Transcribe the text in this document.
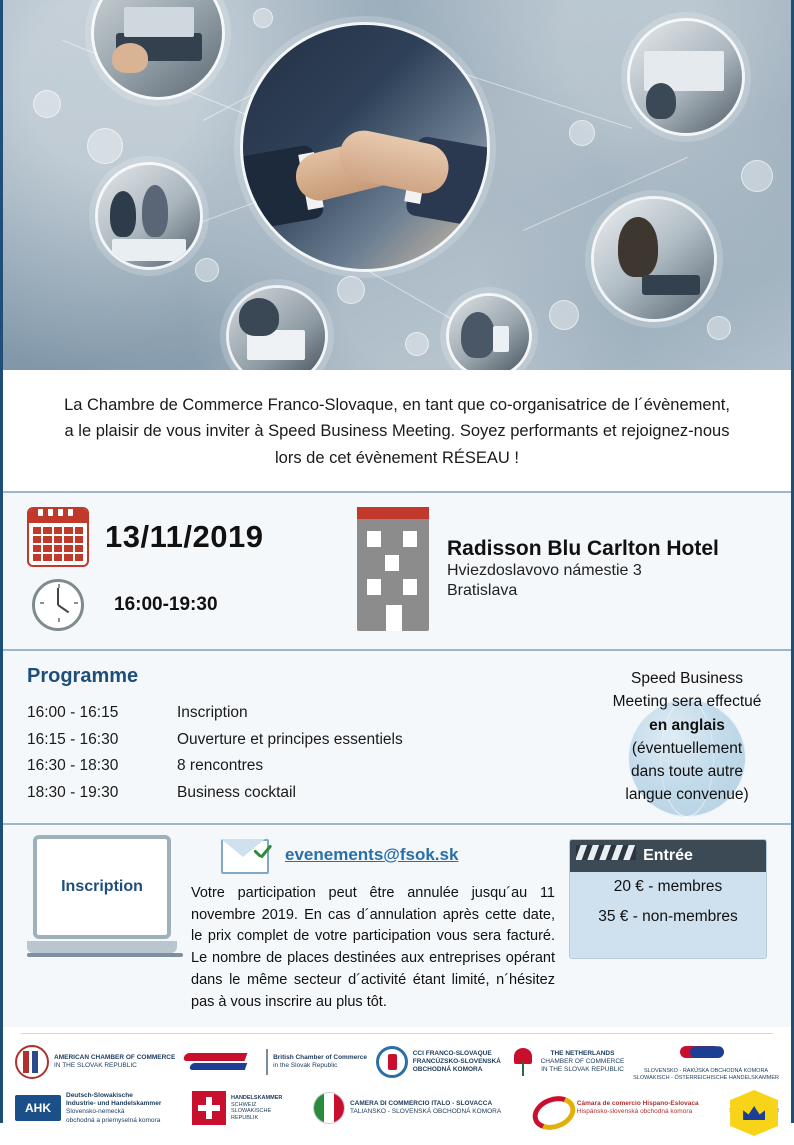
La Chambre de Commerce Franco-Slovaque, en tant que co-organisatrice de l´évènement,

a le plaisir de vous inviter à Speed Business Meeting. Soyez performants et rejoignez-nous

lors de cet évènement RÉSEAU !

13/11/2019
16:00-19:30
Radisson Blu Carlton Hotel
Hviezdoslavovo námestie 3
Bratislava
Programme
16:00 - 16:15	Inscription
16:15 - 16:30	Ouverture et principes essentiels
16:30 - 18:30	8 rencontres
18:30 - 19:30	Business cocktail
Speed Business
Meeting sera effectué
en anglais
(éventuellement
dans toute autre
langue convenue)
Inscription
evenements@fsok.sk

Votre participation peut être annulée jusqu´au 11 novembre 2019. En cas d´annulation après cette date, le prix complet de votre participation vous sera facturé. Le nombre de places destinées aux entreprises opérant dans le même secteur d´activité étant limité, n´hésitez pas à vous inscrire au plus tôt.

Entrée
20 € - membres
35 € - non-membres
AMERICAN CHAMBER OF COMMERCE
IN THE SLOVAK REPUBLIC
British Chamber of Commerce
in the Slovak Republic
CCI FRANCO-SLOVAQUE
FRANCÚZSKO-SLOVENSKÁ
OBCHODNÁ KOMORA
THE NETHERLANDS
CHAMBER OF COMMERCE
IN THE SLOVAK REPUBLIC	SLOVENSKO - RAKÚSKA OBCHODNÁ KOMORA
SLOWAKISCH - ÖSTERREICHISCHE HANDELSKAMMER
AHK
Deutsch-Slowakische
Industrie- und Handelskammer
Slovensko-nemecká
obchodná a priemyselná komora
HANDELSKAMMER
SCHWEIZ
SLOWAKISCHE
REPUBLIK
CAMERA DI COMMERCIO ITALO - SLOVACCA
TALIANSKO - SLOVENSKÁ OBCHODNÁ KOMORA
Cámara de comercio Hispano-Eslovaca
Hispánsko-slovenská obchodná komora
